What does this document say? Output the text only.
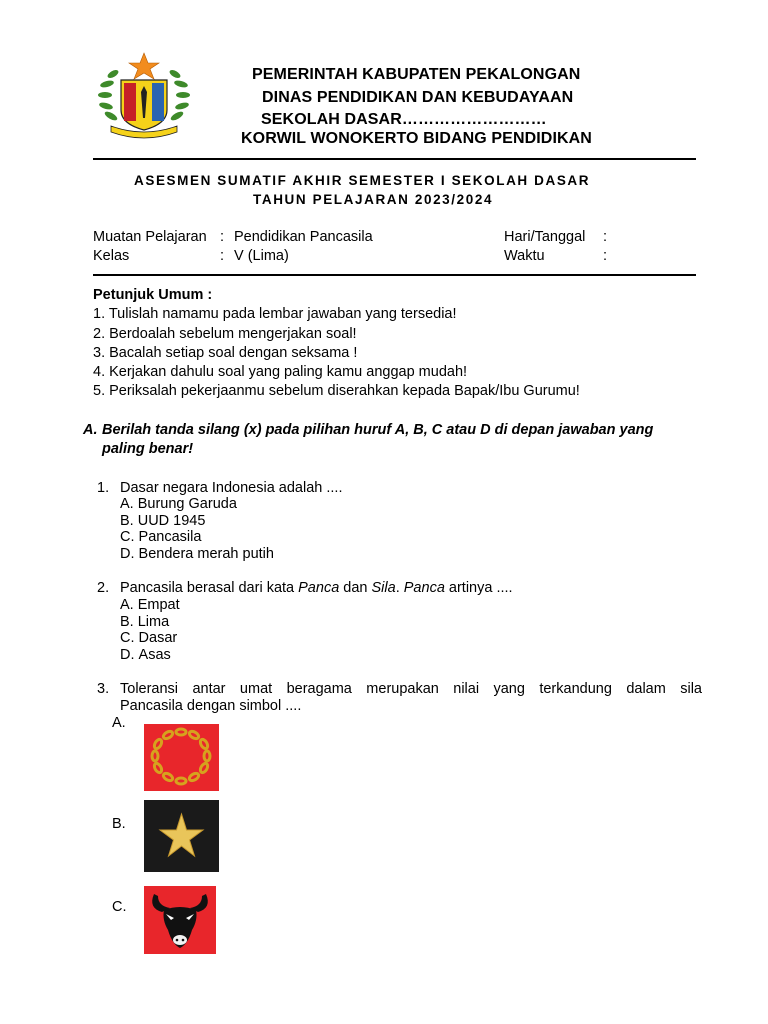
PEMERINTAH KABUPATEN PEKALONGAN
DINAS PENDIDIKAN DAN KEBUDAYAAN
SEKOLAH DASAR………………………
KORWIL WONOKERTO BIDANG PENDIDIKAN
ASESMEN SUMATIF AKHIR SEMESTER I SEKOLAH DASAR
TAHUN PELAJARAN 2023/2024
Muatan Pelajaran : Pendidikan Pancasila
Kelas	: V (Lima)
Hari/Tanggal :
Waktu	:
Petunjuk Umum :
1. Tulislah namamu pada lembar jawaban yang tersedia!
2. Berdoalah sebelum mengerjakan soal!
3. Bacalah setiap soal dengan seksama !
4. Kerjakan dahulu soal yang paling kamu anggap mudah!
5. Periksalah pekerjaanmu sebelum diserahkan kepada Bapak/Ibu Gurumu!
A. Berilah tanda silang (x) pada pilihan huruf A, B, C atau D di depan jawaban yang
paling benar!
1. Dasar negara Indonesia adalah ....
A. Burung Garuda
B. UUD 1945
C. Pancasila
D. Bendera merah putih
2. Pancasila berasal dari kata Panca dan Sila. Panca artinya ....
A. Empat
B. Lima
C. Dasar
D. Asas
3. Toleransi antar umat beragama merupakan nilai yang terkandung dalam sila
Pancasila dengan simbol ....
A.
B.
C.
